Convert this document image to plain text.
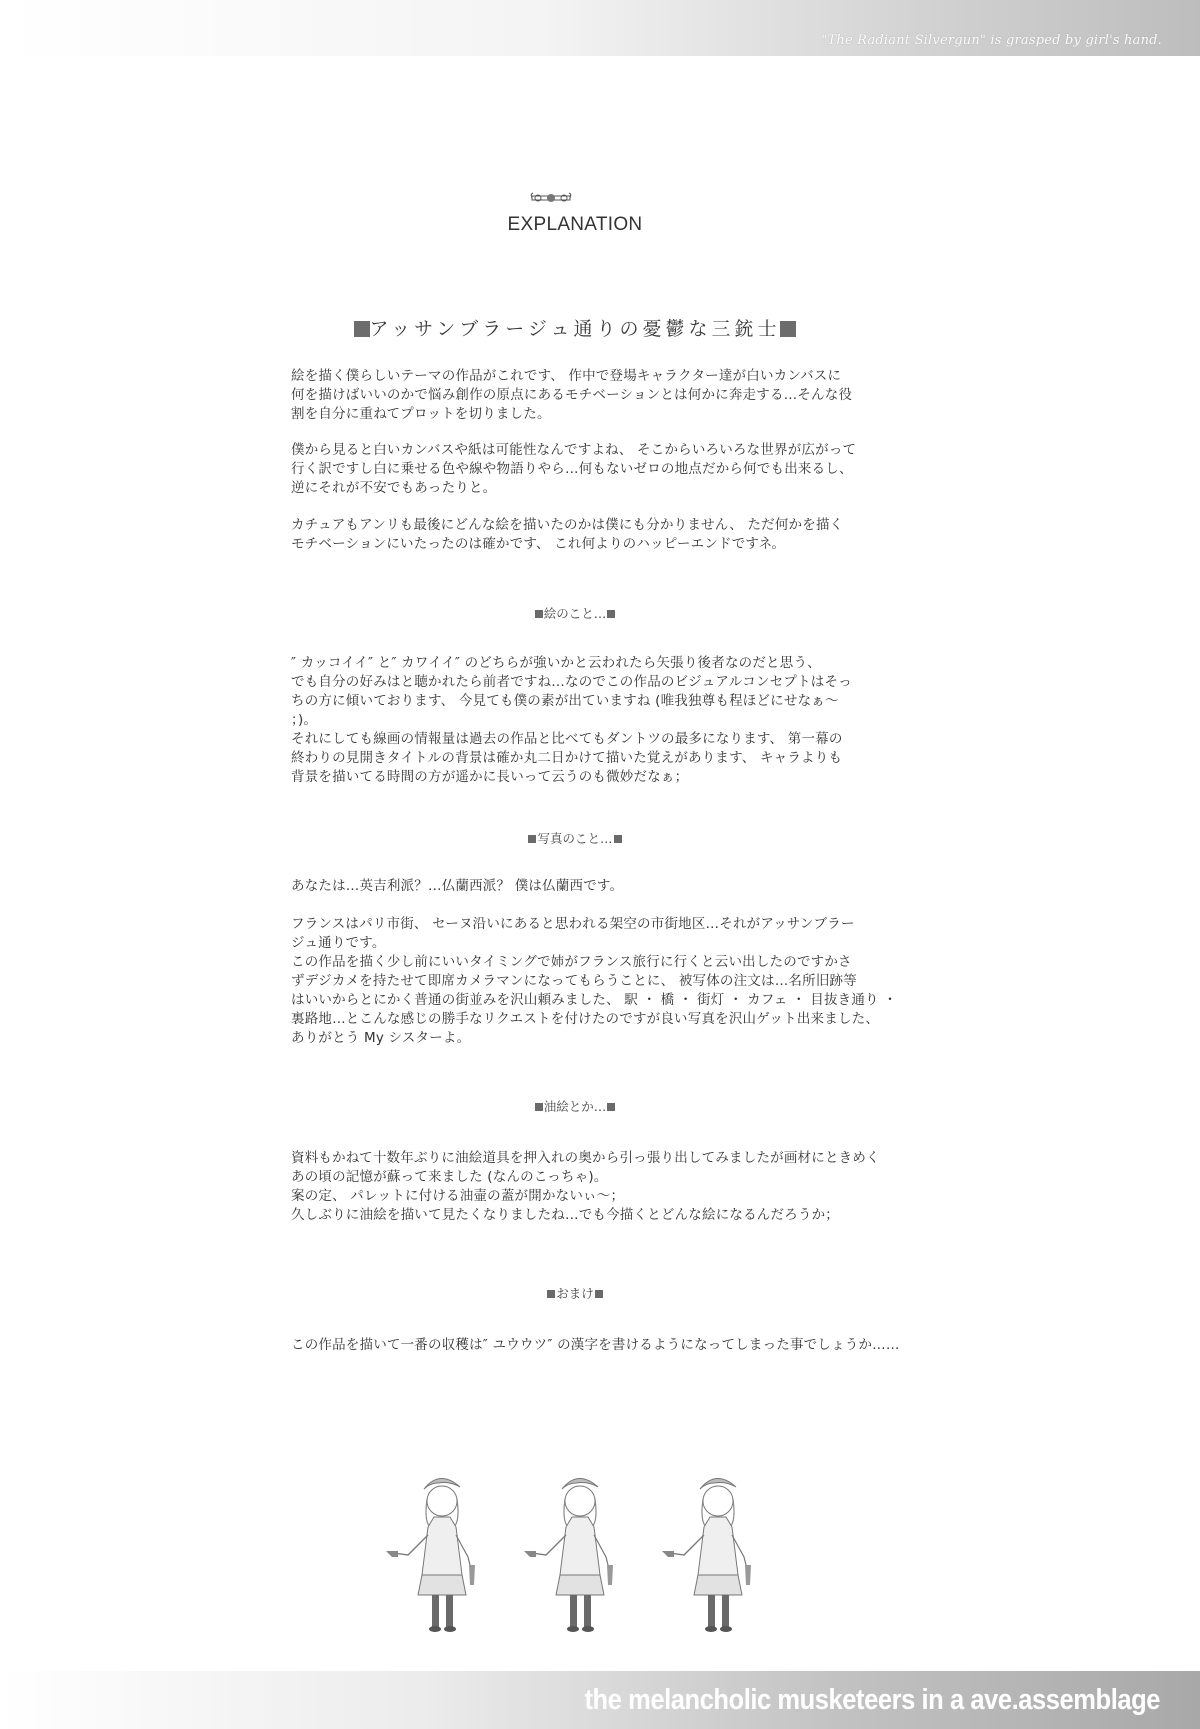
"The Radiant Silvergun" is grasped by girl's hand.
EXPLANATION
アッサンブラージュ通りの憂鬱な三銃士

絵を描く僕らしいテーマの作品がこれです、 作中で登場キャラクター達が白いカンバスに
何を描けばいいのかで悩み創作の原点にあるモチベーションとは何かに奔走する…そんな役
割を自分に重ねてプロットを切りました。

僕から見ると白いカンバスや紙は可能性なんですよね、 そこからいろいろな世界が広がって
行く訳ですし白に乗せる色や線や物語りやら…何もないゼロの地点だから何でも出来るし、
逆にそれが不安でもあったりと。

カチュアもアンリも最後にどんな絵を描いたのかは僕にも分かりません、 ただ何かを描く
モチベーションにいたったのは確かです、 これ何よりのハッピーエンドですネ。

絵のこと…

″ カッコイイ″ と″ カワイイ″ のどちらが強いかと云われたら矢張り後者なのだと思う、
でも自分の好みはと聴かれたら前者ですね…なのでこの作品のビジュアルコンセプトはそっ
ちの方に傾いております、 今見ても僕の素が出ていますね (唯我独尊も程ほどにせなぁ～
；)。
それにしても線画の情報量は過去の作品と比べてもダントツの最多になります、 第一幕の
終わりの見開きタイトルの背景は確か丸二日かけて描いた覚えがあります、 キャラよりも
背景を描いてる時間の方が遥かに長いって云うのも微妙だなぁ；

写真のこと…

あなたは…英吉利派？…仏蘭西派？ 僕は仏蘭西です。

フランスはパリ市街、 セーヌ沿いにあると思われる架空の市街地区…それがアッサンブラー
ジュ通りです。
この作品を描く少し前にいいタイミングで姉がフランス旅行に行くと云い出したのですかさ
ずデジカメを持たせて即席カメラマンになってもらうことに、 被写体の注文は…名所旧跡等
はいいからとにかく普通の街並みを沢山頼みました、 駅 ・ 橋 ・ 街灯 ・ カフェ ・ 目抜き通り ・
裏路地…とこんな感じの勝手なリクエストを付けたのですが良い写真を沢山ゲット出来ました、
ありがとう My シスターよ。

油絵とか…

資料もかねて十数年ぶりに油絵道具を押入れの奥から引っ張り出してみましたが画材にときめく
あの頃の記憶が蘇って来ました (なんのこっちゃ)。
案の定、 パレットに付ける油壷の蓋が開かないぃ～；
久しぶりに油絵を描いて見たくなりましたね…でも今描くとどんな絵になるんだろうか；

おまけ

この作品を描いて一番の収穫は″ ユウウツ″ の漢字を書けるようになってしまった事でしょうか……

the melancholic musketeers in a ave.assemblage
